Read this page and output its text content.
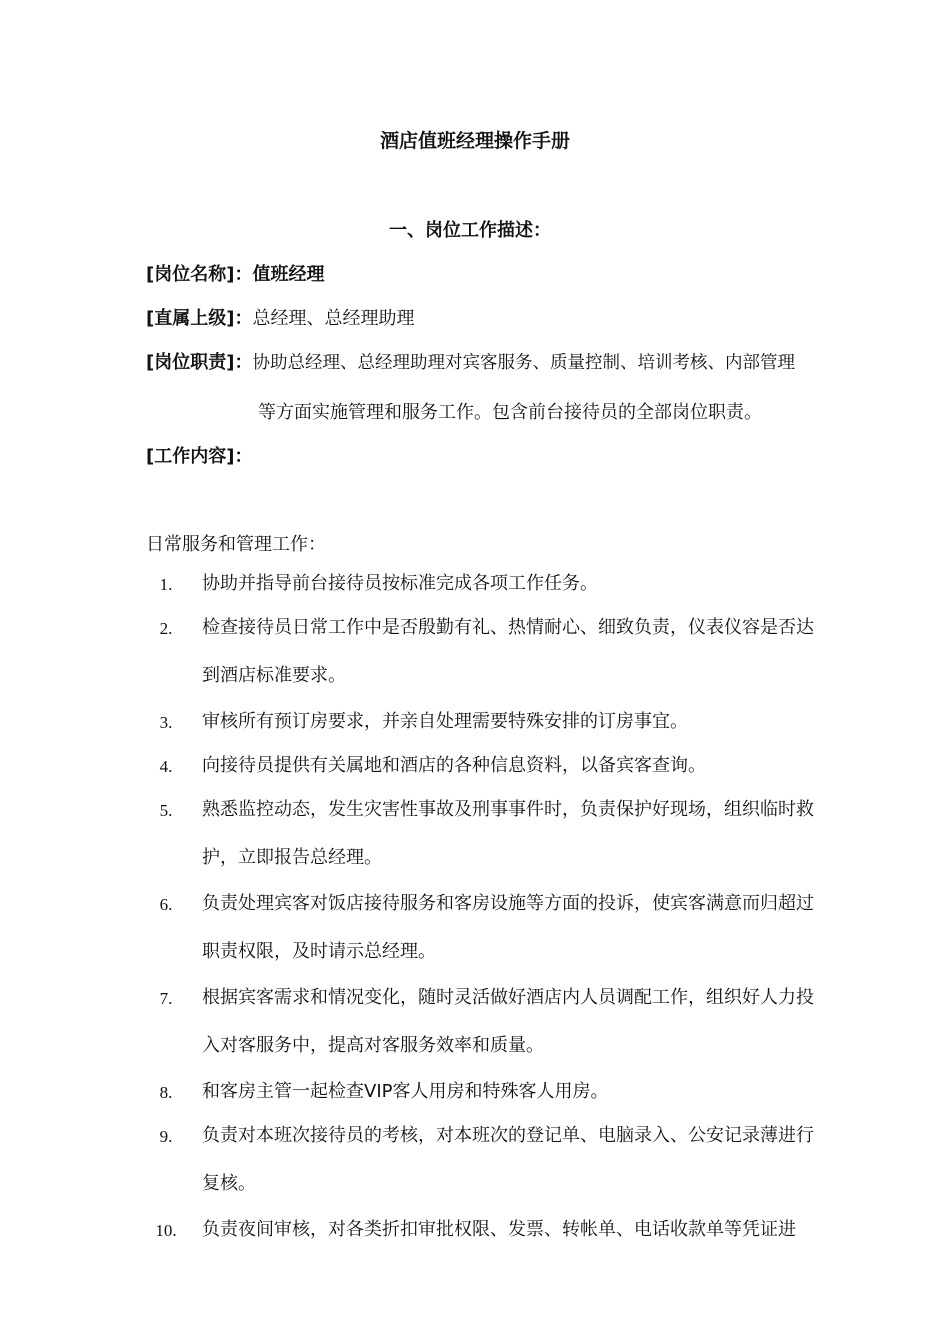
酒店值班经理操作手册
一、岗位工作描述：
[岗位名称]：值班经理
[直属上级]：总经理、总经理助理
[岗位职责]：协助总经理、总经理助理对宾客服务、质量控制、培训考核、内部管理
等方面实施管理和服务工作。包含前台接待员的全部岗位职责。
[工作内容]：
日常服务和管理工作：
1.	协助并指导前台接待员按标准完成各项工作任务。
2.	检查接待员日常工作中是否殷勤有礼、热情耐心、细致负责，仪表仪容是否达到酒店标准要求。
3.	审核所有预订房要求，并亲自处理需要特殊安排的订房事宜。
4.	向接待员提供有关属地和酒店的各种信息资料，以备宾客查询。
5.	熟悉监控动态，发生灾害性事故及刑事事件时，负责保护好现场，组织临时救护，立即报告总经理。
6.	负责处理宾客对饭店接待服务和客房设施等方面的投诉，使宾客满意而归超过职责权限，及时请示总经理。
7.	根据宾客需求和情况变化，随时灵活做好酒店内人员调配工作，组织好人力投入对客服务中，提高对客服务效率和质量。
8.	和客房主管一起检查VIP客人用房和特殊客人用房。
9.	负责对本班次接待员的考核，对本班次的登记单、电脑录入、公安记录薄进行复核。
10.	负责夜间审核，对各类折扣审批权限、发票、转帐单、电话收款单等凭证进
